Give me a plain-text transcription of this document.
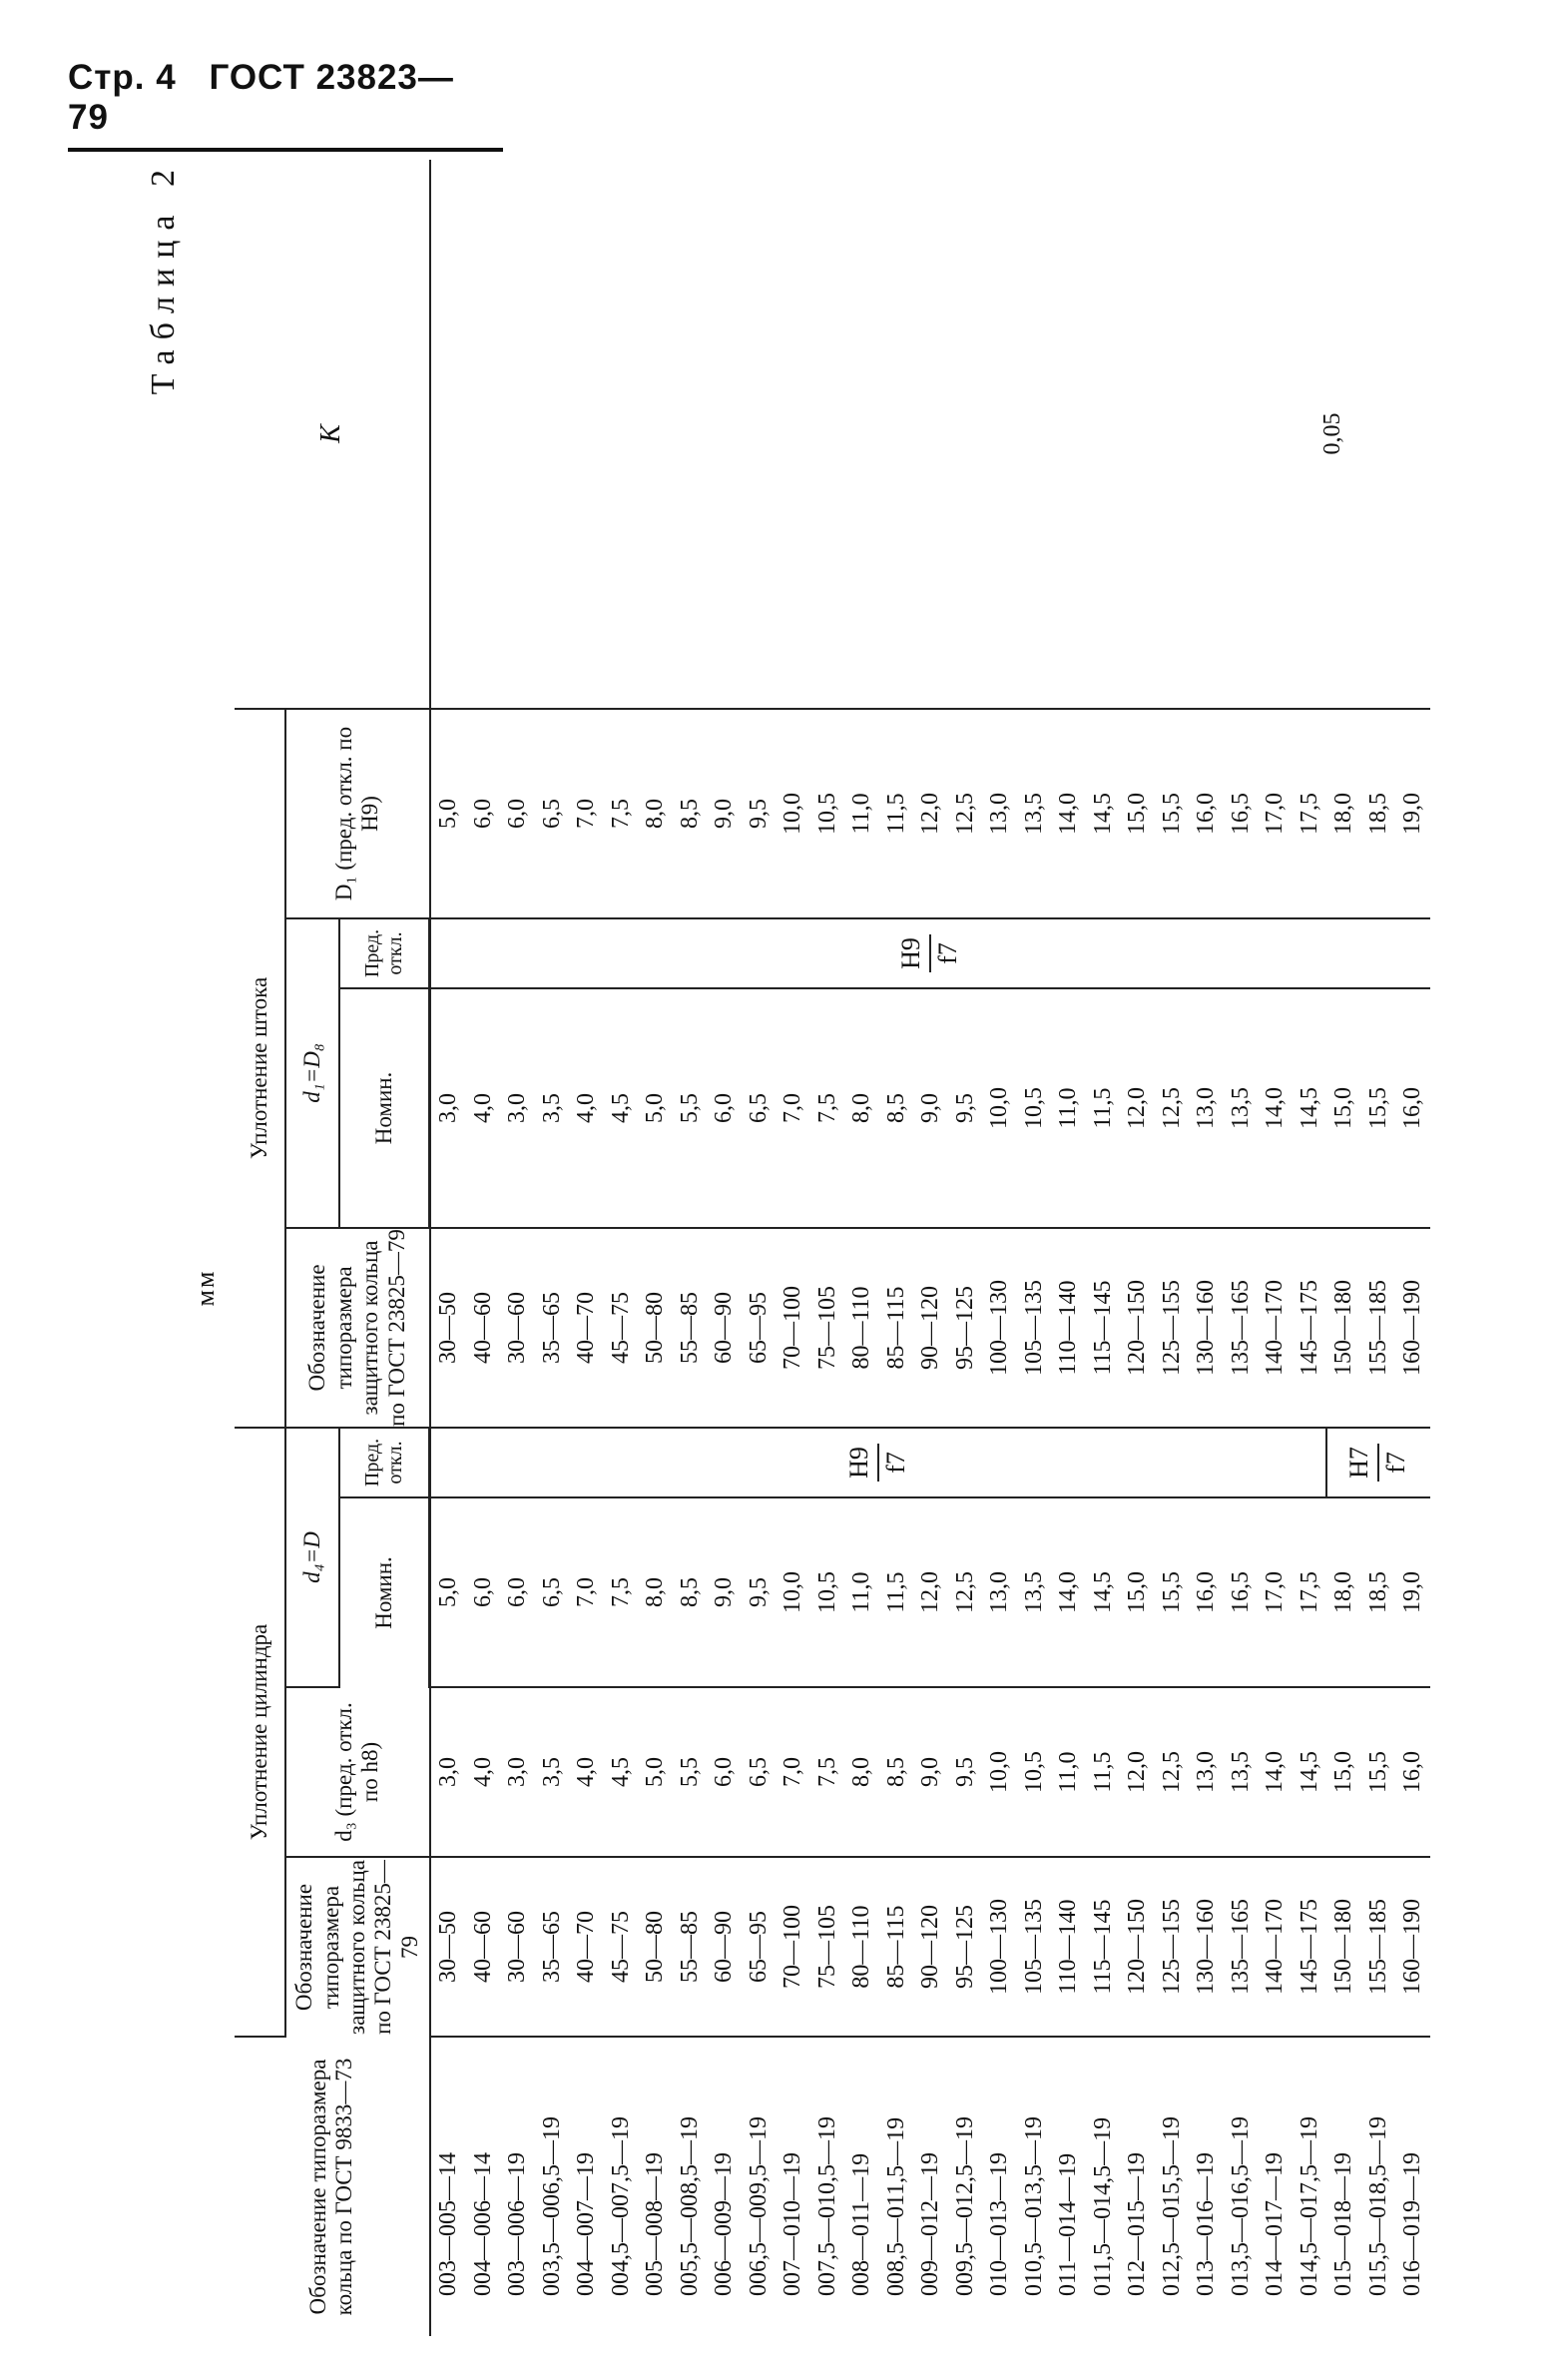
Стр. 4 ГОСТ 23823—79
Таблица 2
мм
Обозначение типоразмера кольца по ГОСТ 9833—73	Уплотнение цилиндра				Уплотнение штока				K
	Обозначение типоразмера защитного кольца по ГОСТ 23825—79	d₃ (пред. откл. по h8)	d₄=D		Обозначение типоразмера защитного кольца по ГОСТ 23825—79	d₁=D₈		D₁ (пред. откл. по H9)	
			Номин.	Пред. откл.		Номин.	Пред. откл.		
003—005—14	30—50	3,0	5,0	H9 f7	30—50	3,0	H9 f7	5,0	0,05
004—006—14	40—60	4,0	6,0		40—60	4,0		6,0	
003—006—19	30—60	3,0	6,0		30—60	3,0		6,0	
003,5—006,5—19	35—65	3,5	6,5		35—65	3,5		6,5	
004—007—19	40—70	4,0	7,0		40—70	4,0		7,0	
004,5—007,5—19	45—75	4,5	7,5		45—75	4,5		7,5	
005—008—19	50—80	5,0	8,0		50—80	5,0		8,0	
005,5—008,5—19	55—85	5,5	8,5		55—85	5,5		8,5	
006—009—19	60—90	6,0	9,0		60—90	6,0		9,0	
006,5—009,5—19	65—95	6,5	9,5		65—95	6,5		9,5	
007—010—19	70—100	7,0	10,0		70—100	7,0		10,0	
007,5—010,5—19	75—105	7,5	10,5		75—105	7,5		10,5	
008—011—19	80—110	8,0	11,0		80—110	8,0		11,0	
008,5—011,5—19	85—115	8,5	11,5		85—115	8,5		11,5	
009—012—19	90—120	9,0	12,0		90—120	9,0		12,0	
009,5—012,5—19	95—125	9,5	12,5		95—125	9,5		12,5	
010—013—19	100—130	10,0	13,0		100—130	10,0		13,0	
010,5—013,5—19	105—135	10,5	13,5		105—135	10,5		13,5	
011—014—19	110—140	11,0	14,0		110—140	11,0		14,0	
011,5—014,5—19	115—145	11,5	14,5		115—145	11,5		14,5	
012—015—19	120—150	12,0	15,0		120—150	12,0		15,0	
012,5—015,5—19	125—155	12,5	15,5		125—155	12,5		15,5	
013—016—19	130—160	13,0	16,0		130—160	13,0		16,0	
013,5—016,5—19	135—165	13,5	16,5		135—165	13,5		16,5	
014—017—19	140—170	14,0	17,0		140—170	14,0		17,0	
014,5—017,5—19	145—175	14,5	17,5		145—175	14,5		17,5	
015—018—19	150—180	15,0	18,0	H7 f7	150—180	15,0		18,0	
015,5—018,5—19	155—185	15,5	18,5		155—185	15,5		18,5	
016—019—19	160—190	16,0	19,0		160—190	16,0		19,0	
